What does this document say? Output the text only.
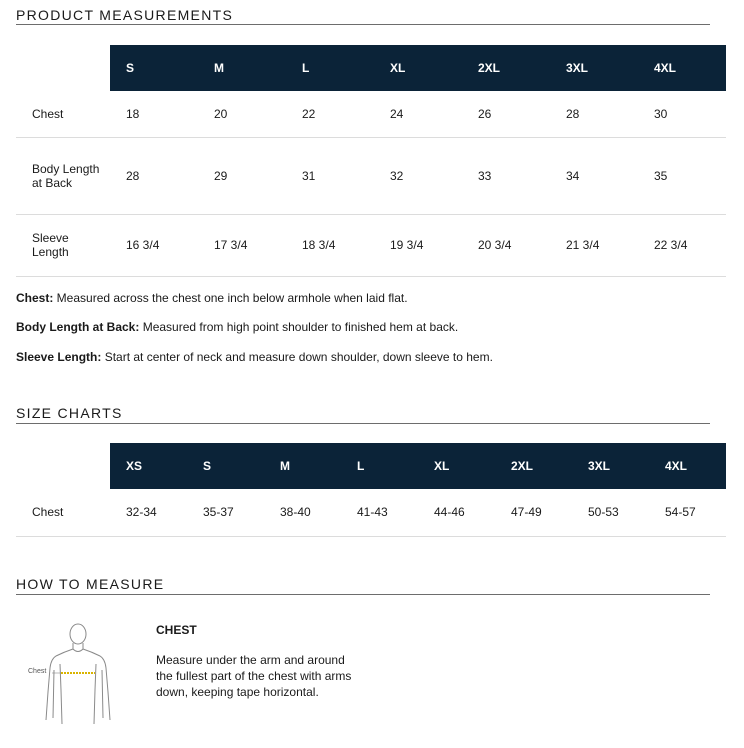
PRODUCT MEASUREMENTS
	S	M	L	XL	2XL	3XL	4XL
Chest	18	20	22	24	26	28	30
Body Length at Back	28	29	31	32	33	34	35
Sleeve Length	16 3/4	17 3/4	18 3/4	19 3/4	20 3/4	21 3/4	22 3/4
Chest: Measured across the chest one inch below armhole when laid flat.
Body Length at Back: Measured from high point shoulder to finished hem at back.
Sleeve Length: Start at center of neck and measure down shoulder, down sleeve to hem.
SIZE CHARTS
	XS	S	M	L	XL	2XL	3XL	4XL
Chest	32-34	35-37	38-40	41-43	44-46	47-49	50-53	54-57
HOW TO MEASURE
Chest
CHEST
Measure under the arm and around the fullest part of the chest with arms down, keeping tape horizontal.
